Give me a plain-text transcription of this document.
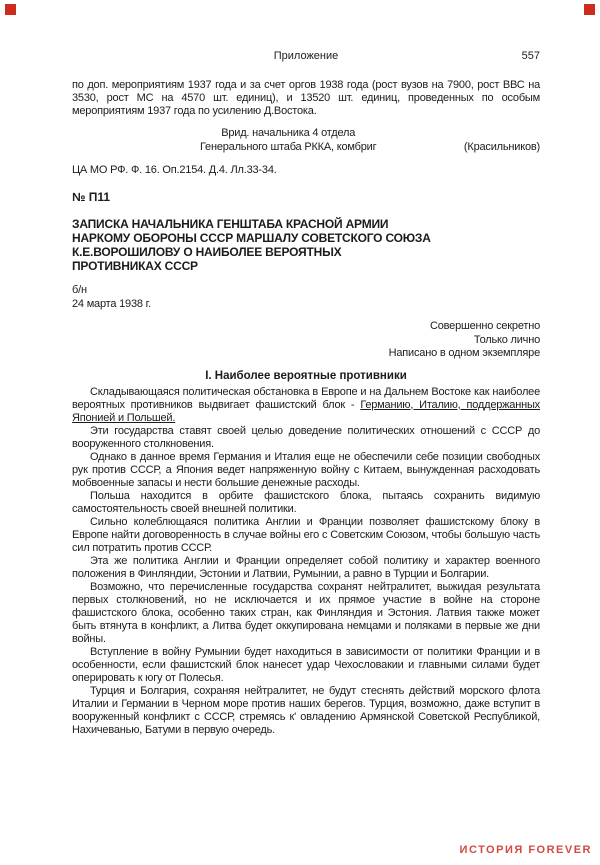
Приложение	557

по доп. мероприятиям 1937 года и за счет оргов 1938 года (рост вузов на 7900, рост ВВС на 3530, рост МС на 4570 шт. единиц), и 13520 шт. единиц, проведенных по особым мероприятиям 1937 года по усилению Д.Востока.

Врид. начальника 4 отдела
Генерального штаба РККА, комбриг	(Красильников)
ЦА МО РФ. Ф. 16. Оп.2154. Д.4. Лл.33-34.
№ П11
ЗАПИСКА НАЧАЛЬНИКА ГЕНШТАБА КРАСНОЙ АРМИИ
НАРКОМУ ОБОРОНЫ СССР МАРШАЛУ СОВЕТСКОГО СОЮЗА
К.Е.ВОРОШИЛОВУ О НАИБОЛЕЕ ВЕРОЯТНЫХ
ПРОТИВНИКАХ СССР
б/н
24 марта 1938 г.
Совершенно секретно
Только лично
Написано в одном экземпляре
I. Наиболее вероятные противники

Складывающаяся политическая обстановка в Европе и на Дальнем Востоке как наиболее вероятных противников выдвигает фашистский блок - Германию, Италию, поддержанных Японией и Польшей.

Эти государства ставят своей целью доведение политических отношений с СССР до вооруженного столкновения.

Однако в данное время Германия и Италия еще не обеспечили себе позиции свободных рук против СССР, а Япония ведет напряженную войну с Китаем, вынужденная расходовать мобвоенные запасы и нести большие денежные расходы.

Польша находится в орбите фашистского блока, пытаясь сохранить видимую самостоятельность своей внешней политики.

Сильно колеблющаяся политика Англии и Франции позволяет фашистскому блоку в Европе найти договоренность в случае войны его с Советским Союзом, чтобы большую часть сил потратить против СССР.

Эта же политика Англии и Франции определяет собой политику и характер военного положения в Финляндии, Эстонии и Латвии, Румынии, а равно в Турции и Болгарии.

Возможно, что перечисленные государства сохранят нейтралитет, выжидая результата первых столкновений, но не исключается и их прямое участие в войне на стороне фашистского блока, особенно таких стран, как Финляндия и Эстония. Латвия также может быть втянута в конфликт, а Литва будет оккупирована немцами и поляками в первые же дни войны.

Вступление в войну Румынии будет находиться в зависимости от политики Франции и в особенности, если фашистский блок нанесет удар Чехословакии и главными силами будет оперировать к югу от Полесья.

Турция и Болгария, сохраняя нейтралитет, не будут стеснять действий морского флота Италии и Германии в Черном море против наших берегов. Турция, возможно, даже вступит в вооруженный конфликт с СССР, стремясь к' овладению Армянской Советской Республикой, Нахичеванью, Батуми в первую очередь.

ИСТОРИЯ FOREVER
